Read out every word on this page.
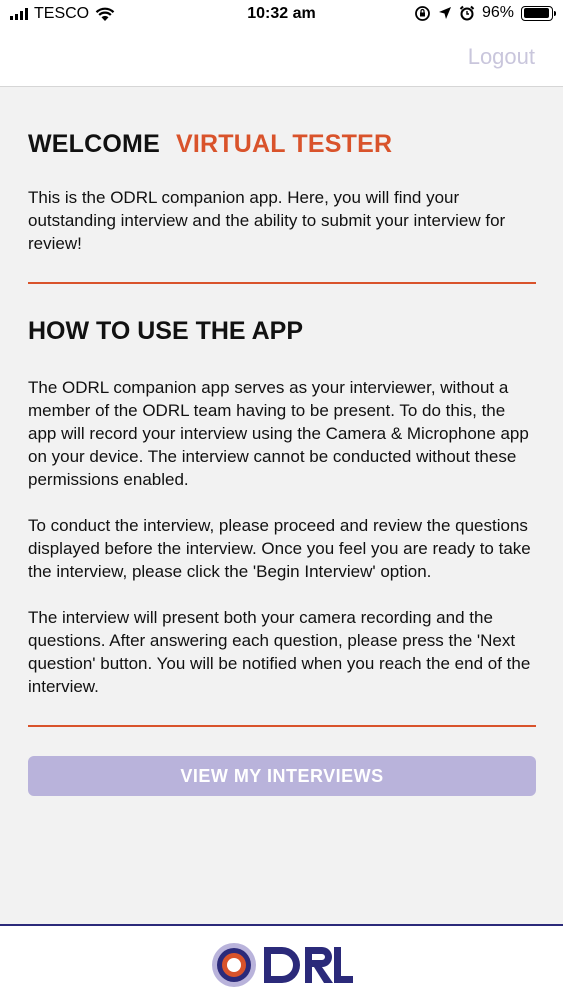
TESCO	10:32 am	96%
Logout
WELCOME VIRTUAL TESTER

This is the ODRL companion app. Here, you will find your outstanding interview and the ability to submit your interview for review!

HOW TO USE THE APP

The ODRL companion app serves as your interviewer, without a member of the ODRL team having to be present. To do this, the app will record your interview using the Camera & Microphone app on your device. The interview cannot be conducted without these permissions enabled.

To conduct the interview, please proceed and review the questions displayed before the interview. Once you feel you are ready to take the interview, please click the 'Begin Interview' option.

The interview will present both your camera recording and the questions. After answering each question, please press the 'Next question' button. You will be notified when you reach the end of the interview.

VIEW MY INTERVIEWS
